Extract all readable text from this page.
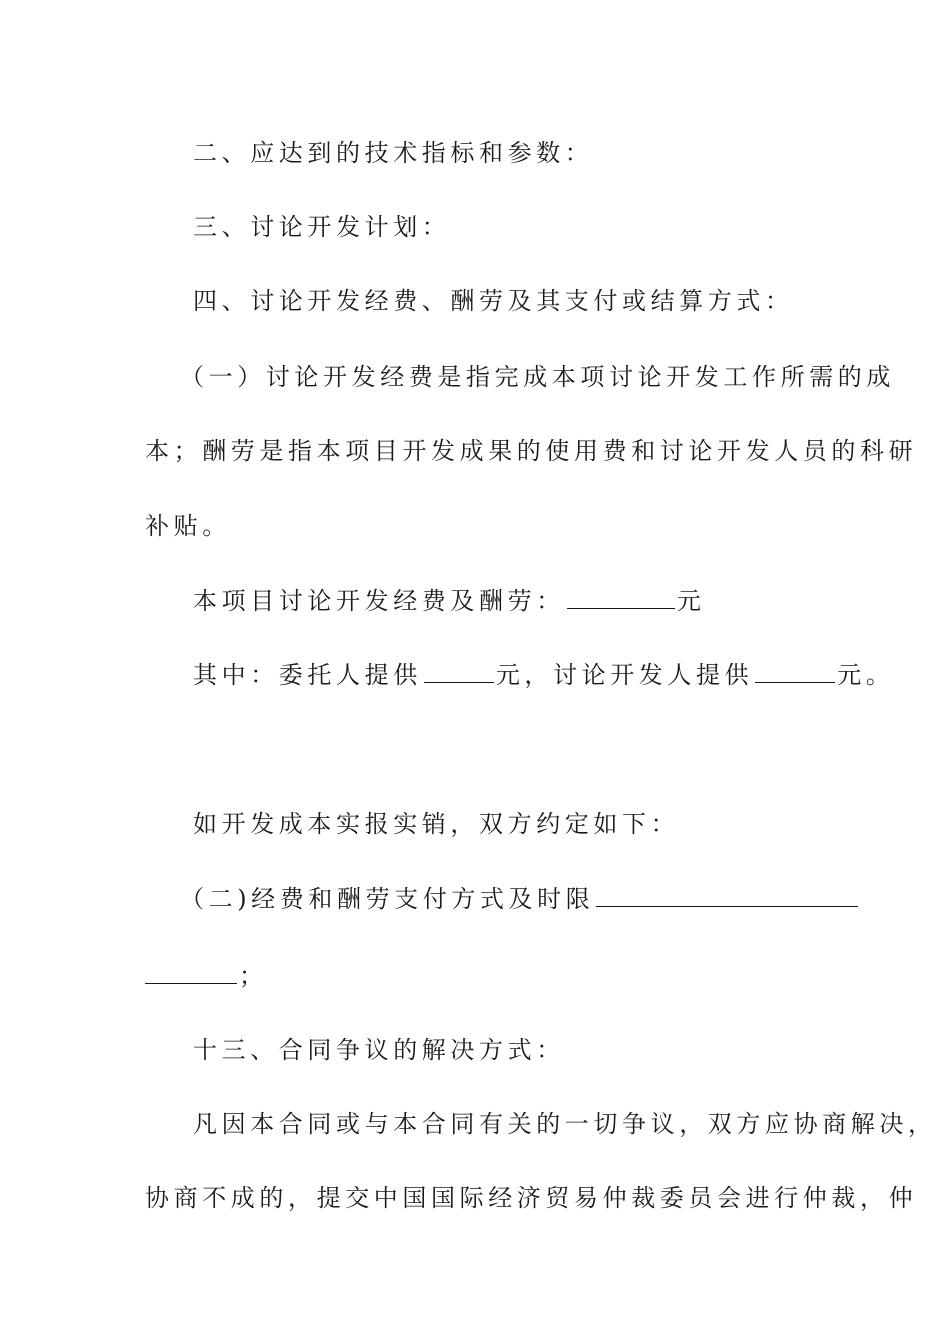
二、应达到的技术指标和参数：
三、讨论开发计划：
四、讨论开发经费、酬劳及其支付或结算方式：
（一）讨论开发经费是指完成本项讨论开发工作所需的成
本；酬劳是指本项目开发成果的使用费和讨论开发人员的科研
补贴。
本项目讨论开发经费及酬劳：	元
其中：委托人提供	元，讨论开发人提供	元。
如开发成本实报实销，双方约定如下：
（二)经费和酬劳支付方式及时限
；
十三、合同争议的解决方式：
凡因本合同或与本合同有关的一切争议，双方应协商解决，
协商不成的，提交中国国际经济贸易仲裁委员会进行仲裁，仲
